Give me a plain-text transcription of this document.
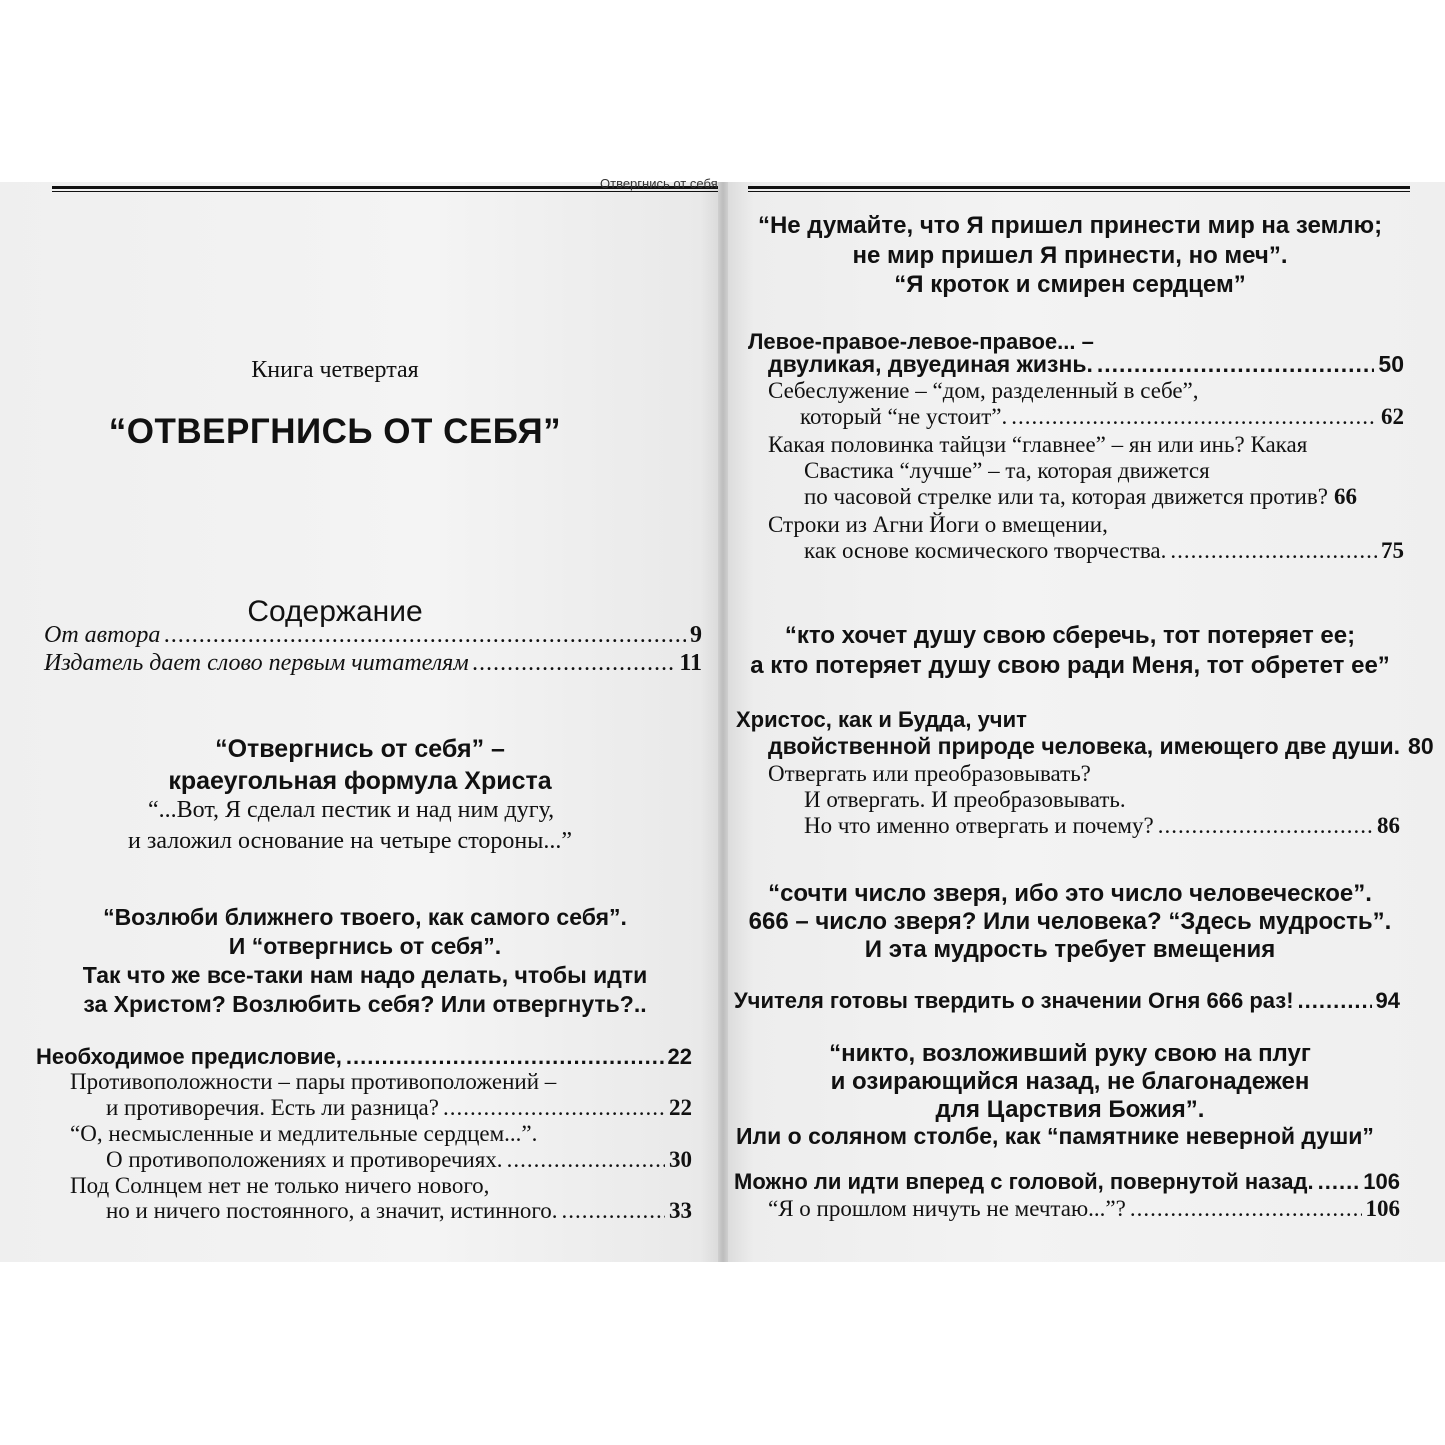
Отвергнись от себя
Книга четвертая
“ОТВЕРГНИСЬ ОТ СЕБЯ”
Содержание
От автора .....	9
Издатель дает слово первым читателям .....	11
“Отвергнись от себя” –
краеугольная формула Христа
“...Вот, Я сделал пестик и над ним дугу,
и заложил основание на четыре стороны...”
“Возлюби ближнего твоего, как самого себя”.
И “отвергнись от себя”.
Так что же все-таки нам надо делать, чтобы идти
за Христом? Возлюбить себя? Или отвергнуть?..
Необходимое предисловие, .....	22
Противоположности – пары противоположений –
и противоречия. Есть ли разница? .....	22
“О, несмысленные и медлительные сердцем...”.
О противоположениях и противоречиях. .....	30
Под Солнцем нет не только ничего нового,
но и ничего постоянного, а значит, истинного. .....	33
“Не думайте, что Я пришел принести мир на землю;
не мир пришел Я принести, но меч”.
“Я кроток и смирен сердцем”
Левое-правое-левое-правое... –
двуликая, двуединая жизнь. .....	50
Себеслужение – “дом, разделенный в себе”,
который “не устоит”. .....	62
Какая половинка тайцзи “главнее” – ян или инь? Какая
Свастика “лучше” – та, которая движется
по часовой стрелке или та, которая движется против? 66
Строки из Агни Йоги о вмещении,
как основе космического творчества. .....	75
“кто хочет душу свою сберечь, тот потеряет ее;
а кто потеряет душу свою ради Меня, тот обретет ее”
Христос, как и Будда, учит
двойственной природе человека, имеющего две души. 80
Отвергать или преобразовывать?
И отвергать. И преобразовывать.
Но что именно отвергать и почему? .....	86
“сочти число зверя, ибо это число человеческое”.
666 – число зверя? Или человека? “Здесь мудрость”.
И эта мудрость требует вмещения
Учителя готовы твердить о значении Огня 666 раз! .....	94
“никто, возложивший руку свою на плуг
и озирающийся назад, не благонадежен
для Царствия Божия”.
Или о соляном столбе, как “памятнике неверной души”
Можно ли идти вперед с головой, повернутой назад. ..... 106
“Я о прошлом ничуть не мечтаю...”? .....	106
